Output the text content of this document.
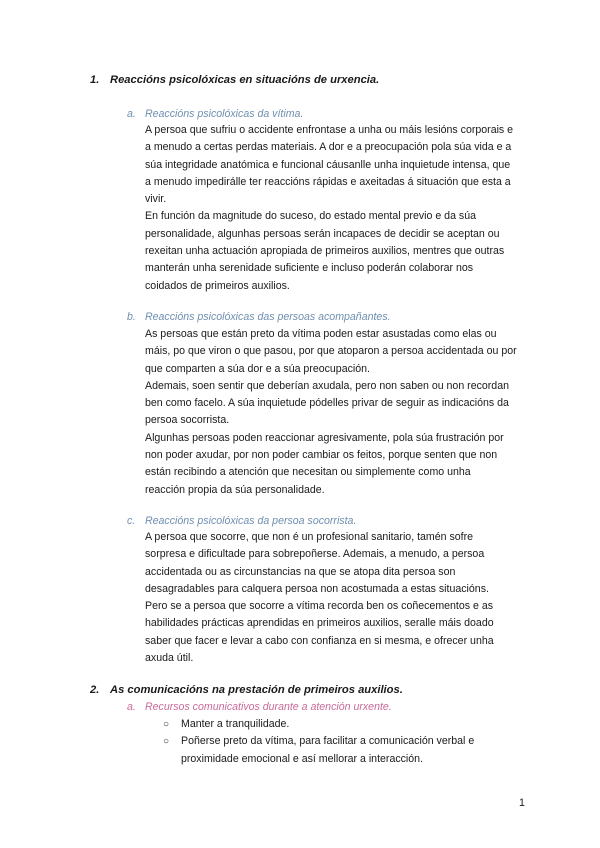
1. Reaccións psicolóxicas en situacións de urxencia.
a. Reaccións psicolóxicas da vítima.

A persoa que sufriu o accidente enfrontase a unha ou máis lesións corporais e

a menudo a certas perdas materiais. A dor e a preocupación pola súa vida e a

súa integridade anatómica e funcional cáusanlle unha inquietude intensa, que

a menudo impedirálle ter reaccións rápidas e axeitadas á situación que esta a

vivir.

En función da magnitude do suceso, do estado mental previo e da súa

personalidade, algunhas persoas serán incapaces de decidir se aceptan ou

rexeitan unha actuación apropiada de primeiros auxilios, mentres que outras

manterán unha serenidade suficiente e incluso poderán colaborar nos

coidados de primeiros auxilios.

b. Reaccións psicolóxicas das persoas acompañantes.

As persoas que están preto da vítima poden estar asustadas como elas ou

máis, po que viron o que pasou, por que atoparon a persoa accidentada ou por

que comparten a súa dor e a súa preocupación.

Ademais, soen sentir que deberían axudala, pero non saben ou non recordan

ben como facelo. A súa inquietude pódelles privar de seguir as indicacións da

persoa socorrista.

Algunhas persoas poden reaccionar agresivamente, pola súa frustración por

non poder axudar, por non poder cambiar os feitos, porque senten que non

están recibindo a atención que necesitan ou simplemente como unha

reacción propia da súa personalidade.

c. Reaccións psicolóxicas da persoa socorrista.

A persoa que socorre, que non é un profesional sanitario, tamén sofre

sorpresa e dificultade para sobrepoñerse. Ademais, a menudo, a persoa

accidentada ou as circunstancias na que se atopa dita persoa son

desagradables para calquera persoa non acostumada a estas situacións.

Pero se a persoa que socorre a vítima recorda ben os coñecementos e as

habilidades prácticas aprendidas en primeiros auxilios, seralle máis doado

saber que facer e levar a cabo con confianza en si mesma, e ofrecer unha

axuda útil.

2. As comunicacións na prestación de primeiros auxilios.
a. Recursos comunicativos durante a atención urxente.
○ Manter a tranquilidade.
○ Poñerse preto da vítima, para facilitar a comunicación verbal e
proximidade emocional e así mellorar a interacción.
1
